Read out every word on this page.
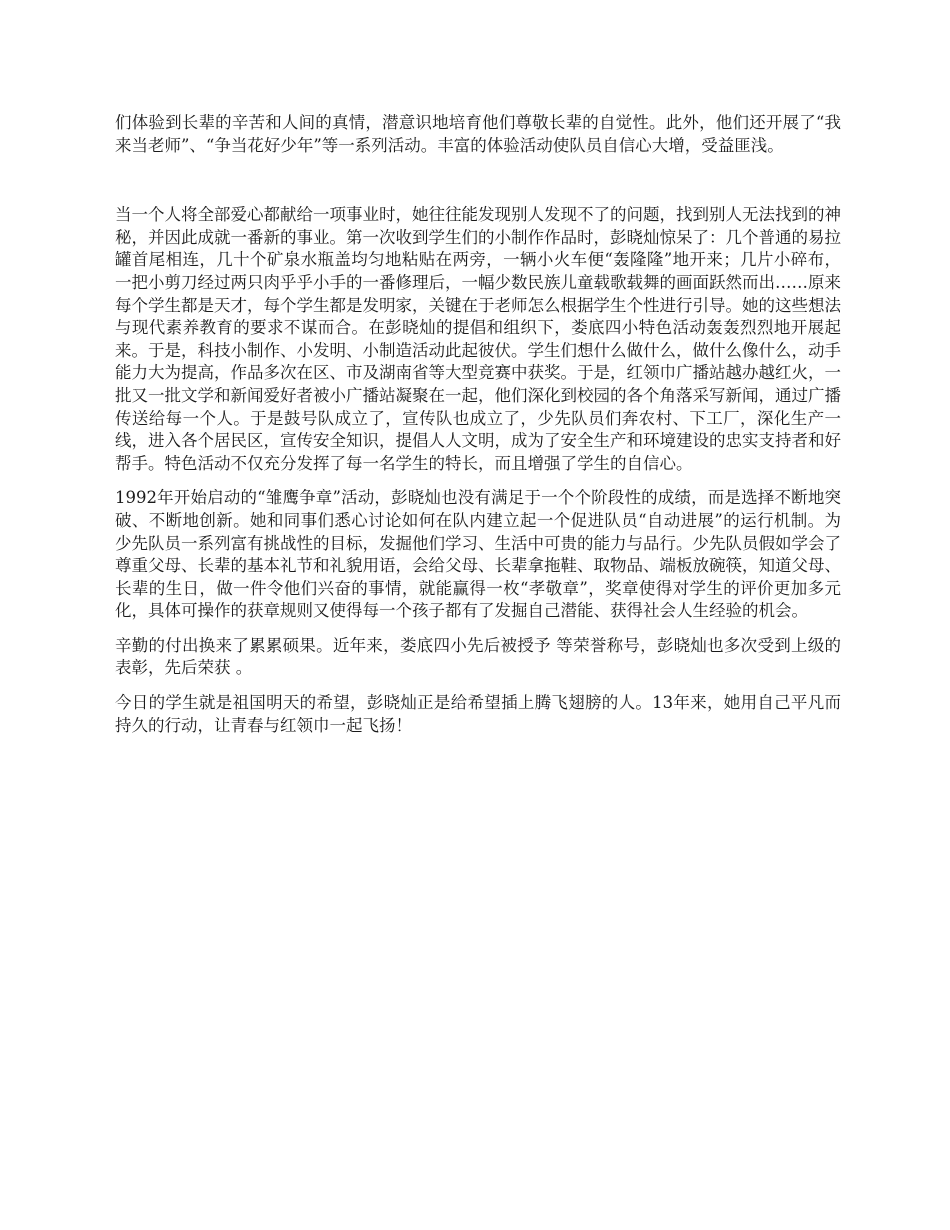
们体验到长辈的辛苦和人间的真情，潜意识地培育他们尊敬长辈的自觉性。此外，他们还开展了“我来当老师”、“争当花好少年”等一系列活动。丰富的体验活动使队员自信心大增，受益匪浅。

当一个人将全部爱心都献给一项事业时，她往往能发现别人发现不了的问题，找到别人无法找到的神秘，并因此成就一番新的事业。第一次收到学生们的小制作作品时，彭晓灿惊呆了：几个普通的易拉罐首尾相连，几十个矿泉水瓶盖均匀地粘贴在两旁，一辆小火车便“轰隆隆”地开来；几片小碎布，一把小剪刀经过两只肉乎乎小手的一番修理后，一幅少数民族儿童载歌载舞的画面跃然而出……原来每个学生都是天才，每个学生都是发明家，关键在于老师怎么根据学生个性进行引导。她的这些想法与现代素养教育的要求不谋而合。在彭晓灿的提倡和组织下，娄底四小特色活动轰轰烈烈地开展起来。于是，科技小制作、小发明、小制造活动此起彼伏。学生们想什么做什么，做什么像什么，动手能力大为提高，作品多次在区、市及湖南省等大型竞赛中获奖。于是，红领巾广播站越办越红火，一批又一批文学和新闻爱好者被小广播站凝聚在一起，他们深化到校园的各个角落采写新闻，通过广播传送给每一个人。于是鼓号队成立了，宣传队也成立了，少先队员们奔农村、下工厂，深化生产一线，进入各个居民区，宣传安全知识，提倡人人文明，成为了安全生产和环境建设的忠实支持者和好帮手。特色活动不仅充分发挥了每一名学生的特长，而且增强了学生的自信心。

1992年开始启动的“雏鹰争章”活动，彭晓灿也没有满足于一个个阶段性的成绩，而是选择不断地突破、不断地创新。她和同事们悉心讨论如何在队内建立起一个促进队员“自动进展”的运行机制。为少先队员一系列富有挑战性的目标，发掘他们学习、生活中可贵的能力与品行。少先队员假如学会了尊重父母、长辈的基本礼节和礼貌用语，会给父母、长辈拿拖鞋、取物品、端板放碗筷，知道父母、长辈的生日，做一件令他们兴奋的事情，就能赢得一枚“孝敬章”，奖章使得对学生的评价更加多元化，具体可操作的获章规则又使得每一个孩子都有了发掘自己潜能、获得社会人生经验的机会。

辛勤的付出换来了累累硕果。近年来，娄底四小先后被授予 等荣誉称号，彭晓灿也多次受到上级的表彰，先后荣获 。

今日的学生就是祖国明天的希望，彭晓灿正是给希望插上腾飞翅膀的人。13年来，她用自己平凡而持久的行动，让青春与红领巾一起飞扬！
